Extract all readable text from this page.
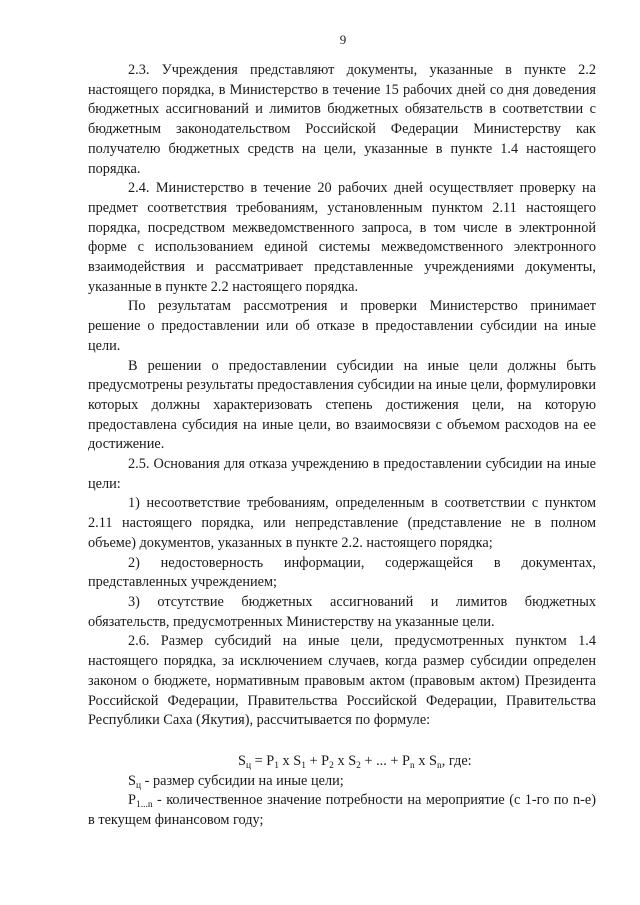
9

2.3. Учреждения представляют документы, указанные в пункте 2.2 настоящего порядка, в Министерство в течение 15 рабочих дней со дня доведения бюджетных ассигнований и лимитов бюджетных обязательств в соответствии с бюджетным законодательством Российской Федерации Министерству как получателю бюджетных средств на цели, указанные в пункте 1.4 настоящего порядка.

2.4. Министерство в течение 20 рабочих дней осуществляет проверку на предмет соответствия требованиям, установленным пунктом 2.11 настоящего порядка, посредством межведомственного запроса, в том числе в электронной форме с использованием единой системы межведомственного электронного взаимодействия и рассматривает представленные учреждениями документы, указанные в пункте 2.2 настоящего порядка.

По результатам рассмотрения и проверки Министерство принимает решение о предоставлении или об отказе в предоставлении субсидии на иные цели.

В решении о предоставлении субсидии на иные цели должны быть предусмотрены результаты предоставления субсидии на иные цели, формулировки которых должны характеризовать степень достижения цели, на которую предоставлена субсидия на иные цели, во взаимосвязи с объемом расходов на ее достижение.

2.5. Основания для отказа учреждению в предоставлении субсидии на иные цели:

1) несоответствие требованиям, определенным в соответствии с пунктом 2.11 настоящего порядка, или непредставление (представление не в полном объеме) документов, указанных в пункте 2.2. настоящего порядка;

2) недостоверность информации, содержащейся в документах, представленных учреждением;

3) отсутствие бюджетных ассигнований и лимитов бюджетных обязательств, предусмотренных Министерству на указанные цели.

2.6. Размер субсидий на иные цели, предусмотренных пунктом 1.4 настоящего порядка, за исключением случаев, когда размер субсидии определен законом о бюджете, нормативным правовым актом (правовым актом) Президента Российской Федерации, Правительства Российской Федерации, Правительства Республики Саха (Якутия), рассчитывается по формуле:

$S_ц = P_1$ x $S_1 + P_2$ x $S_2$ + ... + $P_n$ x $S_n$, где:

$S_ц$ - размер субсидии на иные цели;

$P_{1...n}$ - количественное значение потребности на мероприятие (с 1-го по n-е) в текущем финансовом году;
